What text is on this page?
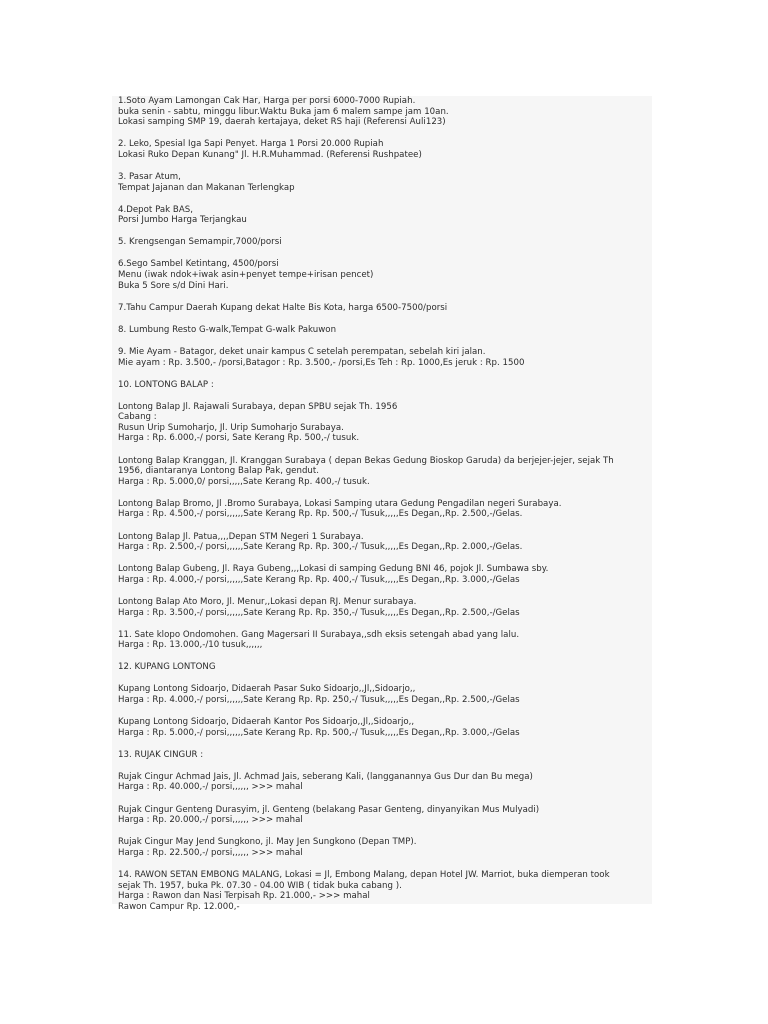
1.Soto Ayam Lamongan Cak Har, Harga per porsi 6000-7000 Rupiah.
buka senin - sabtu, minggu libur.Waktu Buka jam 6 malem sampe jam 10an.
Lokasi samping SMP 19, daerah kertajaya, deket RS haji (Referensi Auli123)
2. Leko, Spesial Iga Sapi Penyet. Harga 1 Porsi 20.000 Rupiah
Lokasi Ruko Depan Kunang" Jl. H.R.Muhammad. (Referensi Rushpatee)
3. Pasar Atum,
Tempat Jajanan dan Makanan Terlengkap
4.Depot Pak BAS,
Porsi Jumbo Harga Terjangkau
5. Krengsengan Semampir,7000/porsi
6.Sego Sambel Ketintang, 4500/porsi
Menu (iwak ndok+iwak asin+penyet tempe+irisan pencet)
Buka 5 Sore s/d Dini Hari.
7.Tahu Campur Daerah Kupang dekat Halte Bis Kota, harga 6500-7500/porsi
8. Lumbung Resto G-walk,Tempat G-walk Pakuwon
9. Mie Ayam - Batagor, deket unair kampus C setelah perempatan, sebelah kiri jalan.
Mie ayam : Rp. 3.500,- /porsi,Batagor : Rp. 3.500,- /porsi,Es Teh : Rp. 1000,Es jeruk : Rp. 1500
10. LONTONG BALAP :
Lontong Balap Jl. Rajawali Surabaya, depan SPBU sejak Th. 1956
Cabang :
Rusun Urip Sumoharjo, Jl. Urip Sumoharjo Surabaya.
Harga : Rp. 6.000,-/ porsi, Sate Kerang Rp. 500,-/ tusuk.
Lontong Balap Kranggan, Jl. Kranggan Surabaya ( depan Bekas Gedung Bioskop Garuda) da berjejer-jejer, sejak Th
1956, diantaranya Lontong Balap Pak, gendut.
Harga : Rp. 5.000,0/ porsi,,,,,Sate Kerang Rp. 400,-/ tusuk.
Lontong Balap Bromo, Jl .Bromo Surabaya, Lokasi Samping utara Gedung Pengadilan negeri Surabaya.
Harga : Rp. 4.500,-/ porsi,,,,,,Sate Kerang Rp. Rp. 500,-/ Tusuk,,,,,Es Degan,,Rp. 2.500,-/Gelas.
Lontong Balap Jl. Patua,,,,Depan STM Negeri 1 Surabaya.
Harga : Rp. 2.500,-/ porsi,,,,,,Sate Kerang Rp. Rp. 300,-/ Tusuk,,,,,Es Degan,,Rp. 2.000,-/Gelas.
Lontong Balap Gubeng, Jl. Raya Gubeng,,,Lokasi di samping Gedung BNI 46, pojok Jl. Sumbawa sby.
Harga : Rp. 4.000,-/ porsi,,,,,,Sate Kerang Rp. Rp. 400,-/ Tusuk,,,,,Es Degan,,Rp. 3.000,-/Gelas
Lontong Balap Ato Moro, Jl. Menur,,Lokasi depan RJ. Menur surabaya.
Harga : Rp. 3.500,-/ porsi,,,,,,Sate Kerang Rp. Rp. 350,-/ Tusuk,,,,,Es Degan,,Rp. 2.500,-/Gelas
11. Sate klopo Ondomohen. Gang Magersari II Surabaya,,sdh eksis setengah abad yang lalu.
Harga : Rp. 13.000,-/10 tusuk,,,,,,
12. KUPANG LONTONG
Kupang Lontong Sidoarjo, Didaerah Pasar Suko Sidoarjo,,Jl,,Sidoarjo,,
Harga : Rp. 4.000,-/ porsi,,,,,,Sate Kerang Rp. Rp. 250,-/ Tusuk,,,,,Es Degan,,Rp. 2.500,-/Gelas
Kupang Lontong Sidoarjo, Didaerah Kantor Pos Sidoarjo,,Jl,,Sidoarjo,,
Harga : Rp. 5.000,-/ porsi,,,,,,Sate Kerang Rp. Rp. 500,-/ Tusuk,,,,,Es Degan,,Rp. 3.000,-/Gelas
13. RUJAK CINGUR :
Rujak Cingur Achmad Jais, Jl. Achmad Jais, seberang Kali, (langganannya Gus Dur dan Bu mega)
Harga : Rp. 40.000,-/ porsi,,,,,, >>> mahal
Rujak Cingur Genteng Durasyim, jl. Genteng (belakang Pasar Genteng, dinyanyikan Mus Mulyadi)
Harga : Rp. 20.000,-/ porsi,,,,,, >>> mahal
Rujak Cingur May Jend Sungkono, jl. May Jen Sungkono (Depan TMP).
Harga : Rp. 22.500,-/ porsi,,,,,, >>> mahal
14. RAWON SETAN EMBONG MALANG, Lokasi = Jl, Embong Malang, depan Hotel JW. Marriot, buka diemperan took
sejak Th. 1957, buka Pk. 07.30 - 04.00 WIB ( tidak buka cabang ).
Harga : Rawon dan Nasi Terpisah Rp. 21.000,- >>> mahal
Rawon Campur Rp. 12.000,-
